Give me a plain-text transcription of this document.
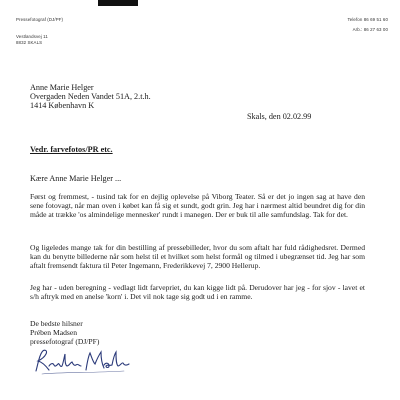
Pressefotograf (DJ/PF)
Vestlandsvej 11
8832 SKALS
Telefon 86 69 51 60
Arb.: 86 27 63 00
Anne Marie Helger
Overgaden Neden Vandet 51A, 2.t.h.
1414 København K
Skals, den 02.02.99
Vedr. farvefotos/PR etc.
Kære Anne Marie Helger ...

Først og fremmest, - tusind tak for en dejlig oplevelse på Viborg Teater. Så er det jo ingen sag at have den sene fotovagt, når man oven i købet kan få sig et sundt, godt grin. Jeg har i nærmest altid beundret dig for din måde at trække 'os almindelige mennesker' rundt i manegen. Der er buk til alle samfundslag. Tak for det.

Og ligeledes mange tak for din bestilling af pressebilleder, hvor du som aftalt har fuld rådighedsret. Dermed kan du benytte billederne når som helst til et hvilket som helst formål og tilmed i ubegrænset tid. Jeg har som aftalt fremsendt faktura til Peter Ingemann, Frederikkevej 7, 2900 Hellerup.

Jeg har - uden beregning - vedlagt lidt farvepriet, du kan kigge lidt på. Derudover har jeg - for sjov - lavet et s/h aftryk med en anelse 'korn' i. Det vil nok tage sig godt ud i en ramme.

De bedste hilsner
Prében Madsen
pressefotograf (DJ/PF)
